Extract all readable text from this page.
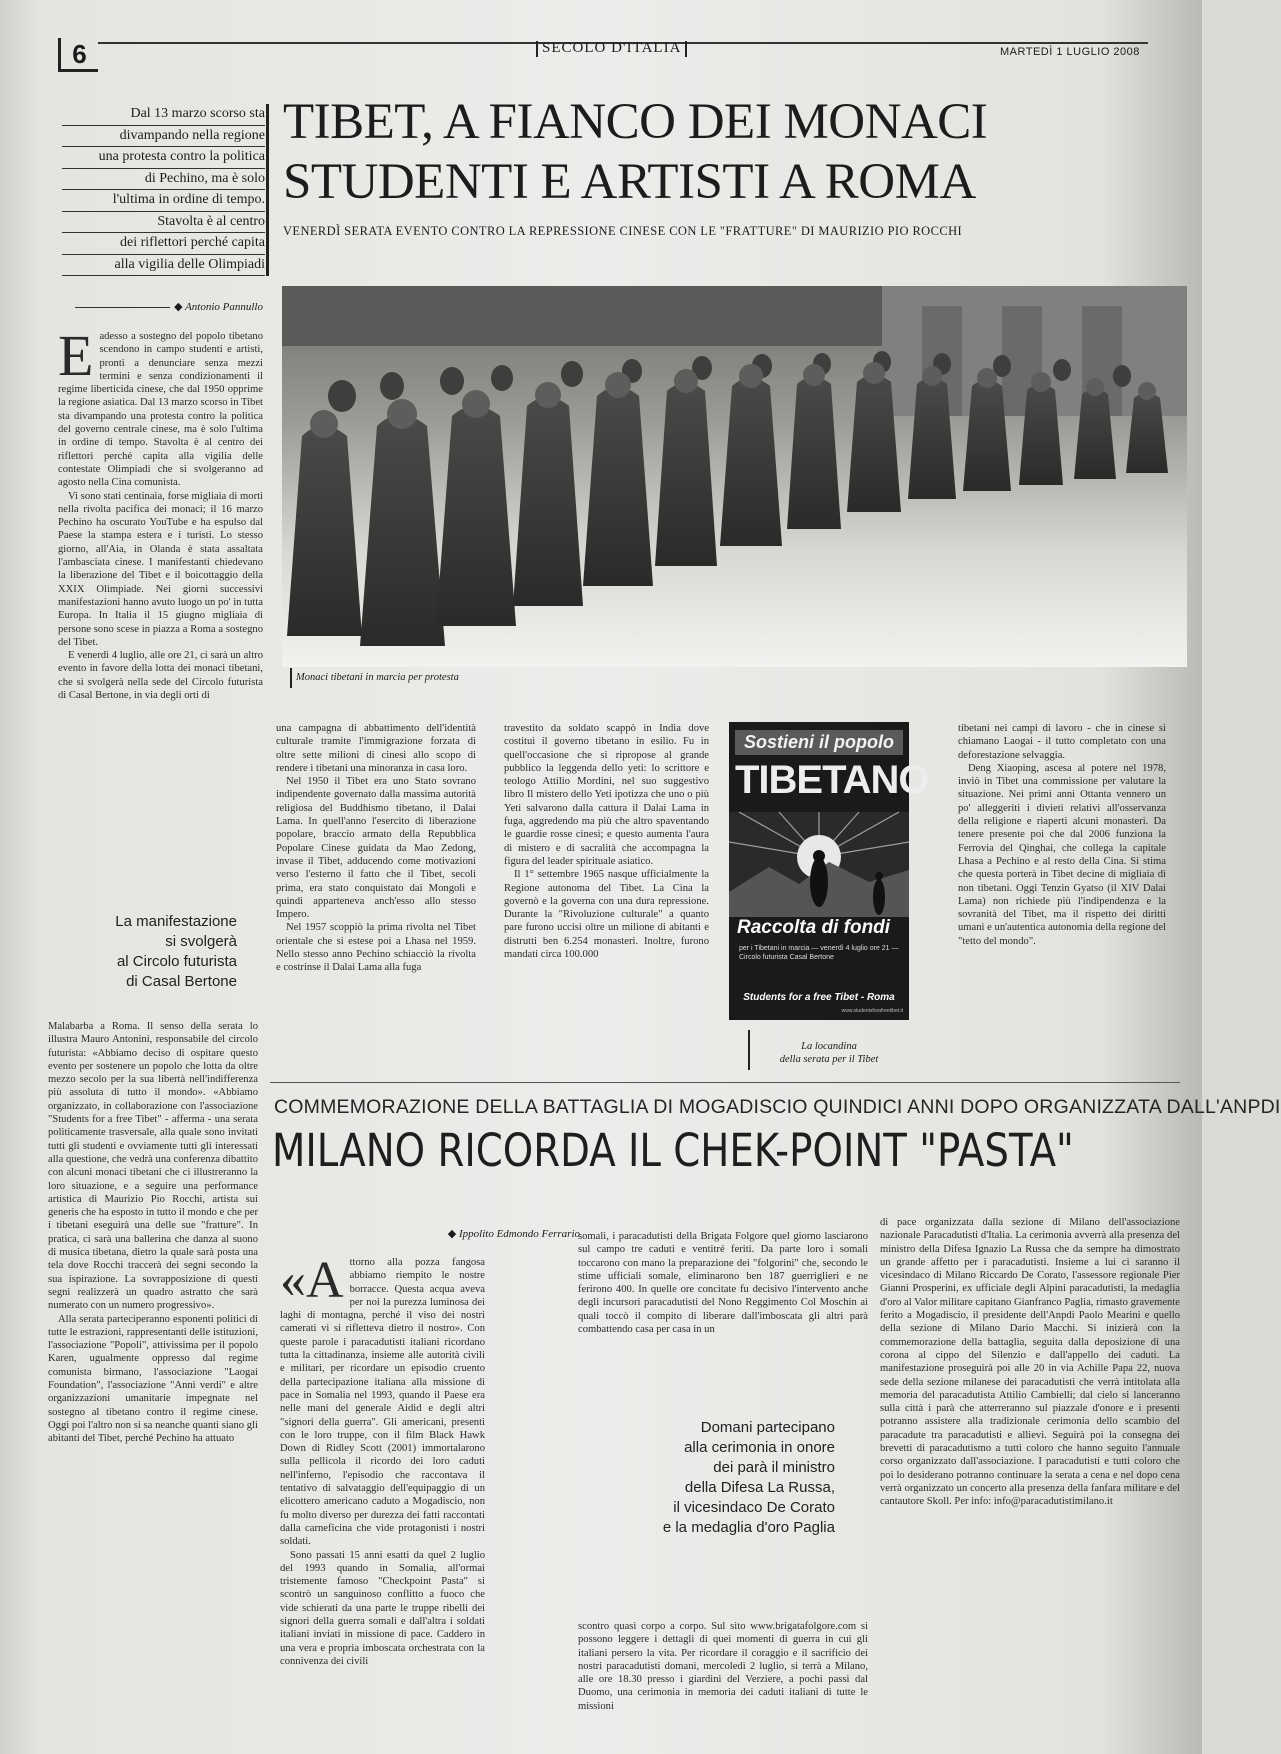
6	SECOLO D'ITALIA	MARTEDÌ 1 LUGLIO 2008
Dal 13 marzo scorso sta
divampando nella regione
una protesta contro la politica
di Pechino, ma è solo
l'ultima in ordine di tempo.
Stavolta è al centro
dei riflettori perché capita
alla vigilia delle Olimpiadi
TIBET, A FIANCO DEI MONACI
STUDENTI E ARTISTI A ROMA
VENERDÌ SERATA EVENTO CONTRO LA REPRESSIONE CINESE CON LE "FRATTURE" DI MAURIZIO PIO ROCCHI
◆ Antonio Pannullo
Monaci tibetani in marcia per protesta
E adesso a sostegno del popolo tibetano scendono in campo studenti e artisti, pronti a denunciare senza mezzi termini e senza condizionamenti il regime liberticida cinese, che dal 1950 opprime la regione asiatica. Dal 13 marzo scorso in Tibet sta divampando una protesta contro la politica del governo centrale cinese, ma è solo l'ultima in ordine di tempo. Stavolta è al centro dei riflettori perché capita alla vigilia delle contestate Olimpiadi che si svolgeranno ad agosto nella Cina comunista.

Vi sono stati centinaia, forse migliaia di morti nella rivolta pacifica dei monaci; il 16 marzo Pechino ha oscurato YouTube e ha espulso dal Paese la stampa estera e i turisti. Lo stesso giorno, all'Aia, in Olanda è stata assaltata l'ambasciata cinese. I manifestanti chiedevano la liberazione del Tibet e il boicottaggio della XXIX Olimpiade. Nei giorni successivi manifestazioni hanno avuto luogo un po' in tutta Europa. In Italia il 15 giugno migliaia di persone sono scese in piazza a Roma a sostegno del Tibet.

E venerdì 4 luglio, alle ore 21, ci sarà un altro evento in favore della lotta dei monaci tibetani, che si svolgerà nella sede del Circolo futurista di Casal Bertone, in via degli orti di

La manifestazione
si svolgerà
al Circolo futurista
di Casal Bertone

Malabarba a Roma. Il senso della serata lo illustra Mauro Antonini, responsabile del circolo futurista: «Abbiamo deciso di ospitare questo evento per sostenere un popolo che lotta da oltre mezzo secolo per la sua libertà nell'indifferenza più assoluta di tutto il mondo». «Abbiamo organizzato, in collaborazione con l'associazione "Students for a free Tibet" - afferma - una serata politicamente trasversale, alla quale sono invitati tutti gli studenti e ovviamente tutti gli interessati alla questione, che vedrà una conferenza dibattito con alcuni monaci tibetani che ci illustreranno la loro situazione, e a seguire una performance artistica di Maurizio Pio Rocchi, artista sui generis che ha esposto in tutto il mondo e che per i tibetani eseguirà una delle sue "fratture". In pratica, ci sarà una ballerina che danza al suono di musica tibetana, dietro la quale sarà posta una tela dove Rocchi traccerà dei segni secondo la sua ispirazione. La sovrapposizione di questi segni realizzerà un quadro astratto che sarà numerato con un numero progressivo».

Alla serata parteciperanno esponenti politici di tutte le estrazioni, rappresentanti delle istituzioni, l'associazione "Popoli", attivissima per il popolo Karen, ugualmente oppresso dal regime comunista birmano, l'associazione "Laogai Foundation", l'associazione "Anni verdi" e altre organizzazioni umanitarie impegnate nel sostegno al tibetano contro il regime cinese. Oggi poi l'altro non si sa neanche quanti siano gli abitanti del Tibet, perché Pechino ha attuato

una campagna di abbattimento dell'identità culturale tramite l'immigrazione forzata di oltre sette milioni di cinesi allo scopo di rendere i tibetani una minoranza in casa loro.

Nel 1950 il Tibet era uno Stato sovrano indipendente governato dalla massima autorità religiosa del Buddhismo tibetano, il Dalai Lama. In quell'anno l'esercito di liberazione popolare, braccio armato della Repubblica Popolare Cinese guidata da Mao Zedong, invase il Tibet, adducendo come motivazioni verso l'esterno il fatto che il Tibet, secoli prima, era stato conquistato dai Mongoli e quindi apparteneva anch'esso allo stesso Impero.

Nel 1957 scoppiò la prima rivolta nel Tibet orientale che si estese poi a Lhasa nel 1959. Nello stesso anno Pechino schiacciò la rivolta e costrinse il Dalai Lama alla fuga

travestito da soldato scappò in India dove costituì il governo tibetano in esilio. Fu in quell'occasione che si ripropose al grande pubblico la leggenda dello yeti: lo scrittore e teologo Attilio Mordini, nel suo suggestivo libro Il mistero dello Yeti ipotizza che uno o più Yeti salvarono dalla cattura il Dalai Lama in fuga, aggredendo ma più che altro spaventando le guardie rosse cinesi; e questo aumenta l'aura di mistero e di sacralità che accompagna la figura del leader spirituale asiatico.

Il 1° settembre 1965 nasque ufficialmente la Regione autonoma del Tibet. La Cina la governò e la governa con una dura repressione. Durante la "Rivoluzione culturale" a quanto pare furono uccisi oltre un milione di abitanti e distrutti ben 6.254 monasteri. Inoltre, furono mandati circa 100.000

Sostieni il popolo
TIBETANO
Raccolta di fondi
per i Tibetani in marcia — venerdì 4 luglio ore 21 — Circolo futurista Casal Bertone
Students for a free Tibet - Roma
www.studentsforafreetibet.it
La locandina
della serata per il Tibet

tibetani nei campi di lavoro - che in cinese si chiamano Laogai - il tutto completato con una deforestazione selvaggia.

Deng Xiaoping, ascesa al potere nel 1978, inviò in Tibet una commissione per valutare la situazione. Nei primi anni Ottanta vennero un po' alleggeriti i divieti relativi all'osservanza della religione e riaperti alcuni monasteri. Da tenere presente poi che dal 2006 funziona la Ferrovia del Qinghai, che collega la capitale Lhasa a Pechino e al resto della Cina. Si stima che questa porterà in Tibet decine di migliaia di non tibetani. Oggi Tenzin Gyatso (il XIV Dalai Lama) non richiede più l'indipendenza e la sovranità del Tibet, ma il rispetto dei diritti umani e un'autentica autonomia della regione del "tetto del mondo".

COMMEMORAZIONE DELLA BATTAGLIA DI MOGADISCIO QUINDICI ANNI DOPO ORGANIZZATA DALL'ANPDI
MILANO RICORDA IL CHEK-POINT "PASTA"
◆ Ippolito Edmondo Ferrario
«A ttorno alla pozza fangosa abbiamo riempito le nostre borracce. Questa acqua aveva per noi la purezza luminosa dei laghi di montagna, perché il viso dei nostri camerati vi si rifletteva dietro il nostro». Con queste parole i paracadutisti italiani ricordano tutta la cittadinanza, insieme alle autorità civili e militari, per ricordare un episodio cruento della partecipazione italiana alla missione di pace in Somalia nel 1993, quando il Paese era nelle mani del generale Aidid e degli altri "signori della guerra". Gli americani, presenti con le loro truppe, con il film Black Hawk Down di Ridley Scott (2001) immortalarono sulla pellicola il ricordo dei loro caduti nell'inferno, l'episodio che raccontava il tentativo di salvataggio dell'equipaggio di un elicottero americano caduto a Mogadiscio, non fu molto diverso per durezza dei fatti raccontati dalla carneficina che vide protagonisti i nostri soldati.

Sono passati 15 anni esatti da quel 2 luglio del 1993 quando in Somalia, all'ormai tristemente famoso "Checkpoint Pasta" si scontrò un sanguinoso conflitto a fuoco che vide schierati da una parte le truppe ribelli dei signori della guerra somali e dall'altra i soldati italiani inviati in missione di pace. Caddero in una vera e propria imboscata orchestrata con la connivenza dei civili

somali, i paracadutisti della Brigata Folgore quel giorno lasciarono sul campo tre caduti e ventitré feriti. Da parte loro i somali toccarono con mano la preparazione dei "folgorini" che, secondo le stime ufficiali somale, eliminarono ben 187 guerriglieri e ne ferirono 400. In quelle ore concitate fu decisivo l'intervento anche degli incursori paracadutisti del Nono Reggimento Col Moschin ai quali toccò il compito di liberare dall'imboscata gli altri parà combattendo casa per casa in un

Domani partecipano
alla cerimonia in onore
dei parà il ministro
della Difesa La Russa,
il vicesindaco De Corato
e la medaglia d'oro Paglia

scontro quasi corpo a corpo. Sul sito www.brigatafolgore.com si possono leggere i dettagli di quei momenti di guerra in cui gli italiani persero la vita. Per ricordare il coraggio e il sacrificio dei nostri paracadutisti domani, mercoledì 2 luglio, si terrà a Milano, alle ore 18.30 presso i giardini del Verziere, a pochi passi dal Duomo, una cerimonia in memoria dei caduti italiani di tutte le missioni

di pace organizzata dalla sezione di Milano dell'associazione nazionale Paracadutisti d'Italia. La cerimonia avverrà alla presenza del ministro della Difesa Ignazio La Russa che da sempre ha dimostrato un grande affetto per i paracadutisti. Insieme a lui ci saranno il vicesindaco di Milano Riccardo De Corato, l'assessore regionale Pier Gianni Prosperini, ex ufficiale degli Alpini paracadutisti, la medaglia d'oro al Valor militare capitano Gianfranco Paglia, rimasto gravemente ferito a Mogadiscio, il presidente dell'Anpdi Paolo Mearini e quello della sezione di Milano Dario Macchi. Si inizierà con la commemorazione della battaglia, seguita dalla deposizione di una corona al cippo del Silenzio e dall'appello dei caduti. La manifestazione proseguirà poi alle 20 in via Achille Papa 22, nuova sede della sezione milanese dei paracadutisti che verrà intitolata alla memoria del paracadutista Attilio Cambielli; dal cielo si lanceranno sulla città i parà che atterreranno sul piazzale d'onore e i presenti potranno assistere alla tradizionale cerimonia dello scambio del paracadute tra paracadutisti e allievi. Seguirà poi la consegna dei brevetti di paracadutismo a tutti coloro che hanno seguito l'annuale corso organizzato dall'associazione. I paracadutisti e tutti coloro che poi lo desiderano potranno continuare la serata a cena e nel dopo cena verrà organizzato un concerto alla presenza della fanfara militare e del cantautore Skoll. Per info: info@paracadutistimilano.it
